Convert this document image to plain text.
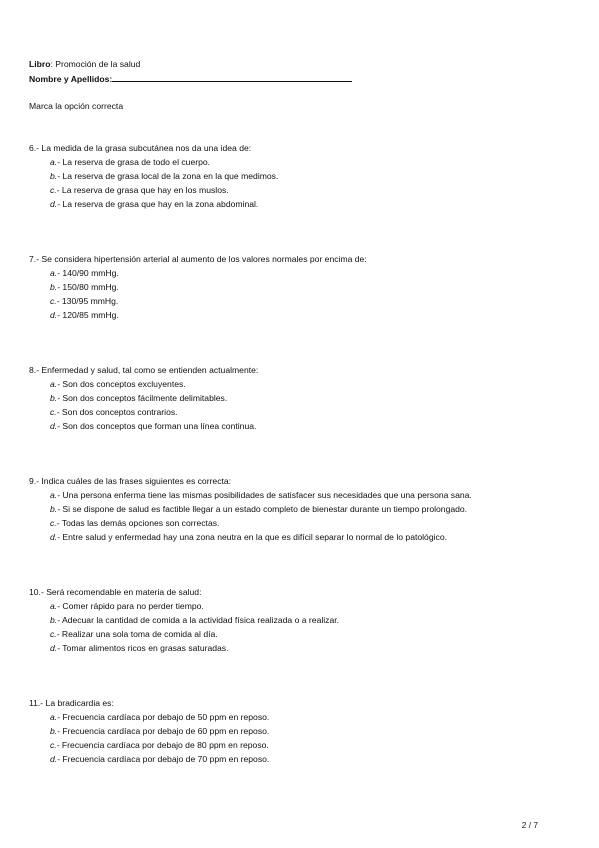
Libro: Promoción de la salud
Nombre y Apellidos:
Marca la opción correcta
6.- La medida de la grasa subcutánea nos da una idea de:
a.- La reserva de grasa de todo el cuerpo.
b.- La reserva de grasa local de la zona en la que medimos.
c.- La reserva de grasa que hay en los muslos.
d.- La reserva de grasa que hay en la zona abdominal.
7.- Se considera hipertensión arterial al aumento de los valores normales por encima de:
a.- 140/90 mmHg.
b.- 150/80 mmHg.
c.- 130/95 mmHg.
d.- 120/85 mmHg.
8.- Enfermedad y salud, tal como se entienden actualmente:
a.- Son dos conceptos excluyentes.
b.- Son dos conceptos fácilmente delimitables.
c.- Son dos conceptos contrarios.
d.- Son dos conceptos que forman una línea continua.
9.- Indica cuáles de las frases siguientes es correcta:
a.- Una persona enferma tiene las mismas posibilidades de satisfacer sus necesidades que una persona sana.
b.- Si se dispone de salud es factible llegar a un estado completo de bienestar durante un tiempo prolongado.
c.- Todas las demás opciones son correctas.
d.- Entre salud y enfermedad hay una zona neutra en la que es difícil separar lo normal de lo patológico.
10.- Será recomendable en materia de salud:
a.- Comer rápido para no perder tiempo.
b.- Adecuar la cantidad de comida a la actividad física realizada o a realizar.
c.- Realizar una sola toma de comida al día.
d.- Tomar alimentos ricos en grasas saturadas.
11.- La bradicardia es:
a.- Frecuencia cardíaca por debajo de 50 ppm en reposo.
b.- Frecuencia cardíaca por debajo de 60 ppm en reposo.
c.- Frecuencia cardíaca por debajo de 80 ppm en reposo.
d.- Frecuencia cardíaca por debajo de 70 ppm en reposo.
2 / 7
